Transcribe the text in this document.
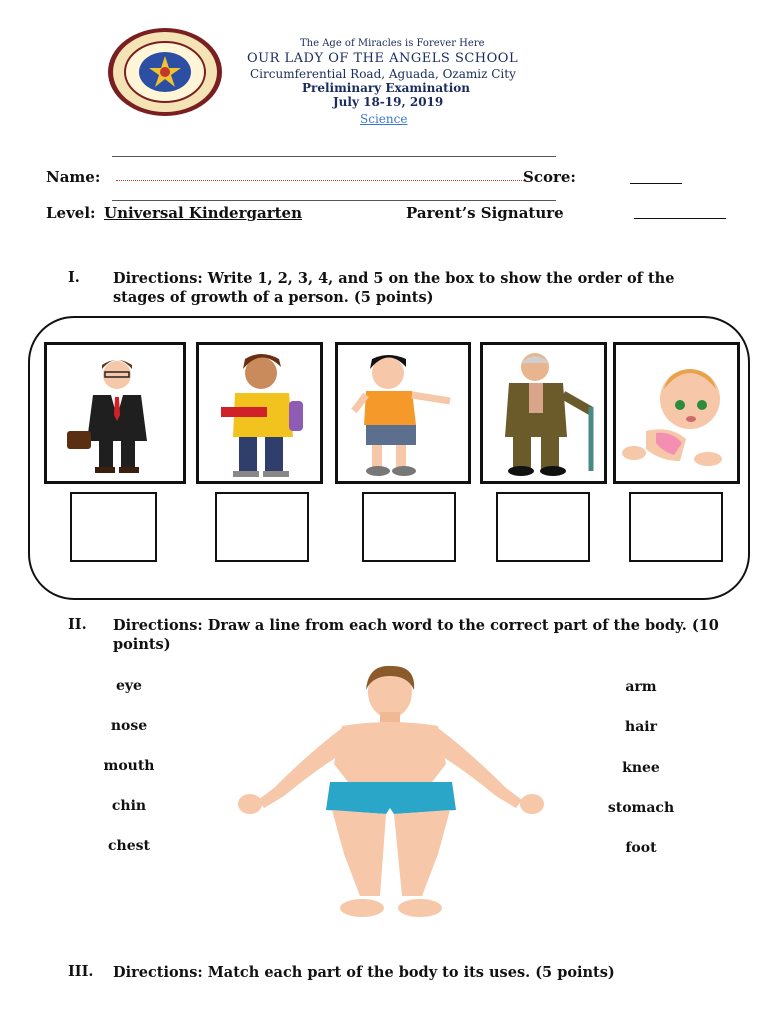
The Age of Miracles is Forever Here
OUR LADY OF THE ANGELS SCHOOL
Circumferential Road, Aguada, Ozamiz City
Preliminary Examination
July 18-19, 2019
Science
Name:	Score:
Level: Universal Kindergarten	Parent’s Signature
I. Directions: Write 1, 2, 3, 4, and 5 on the box to show the order of the stages of growth of a person. (5 points)
II. Directions: Draw a line from each word to the correct part of the body. (10 points)
eye
nose
mouth
chin
chest
arm
hair
knee
stomach
foot
III. Directions: Match each part of the body to its uses. (5 points)
